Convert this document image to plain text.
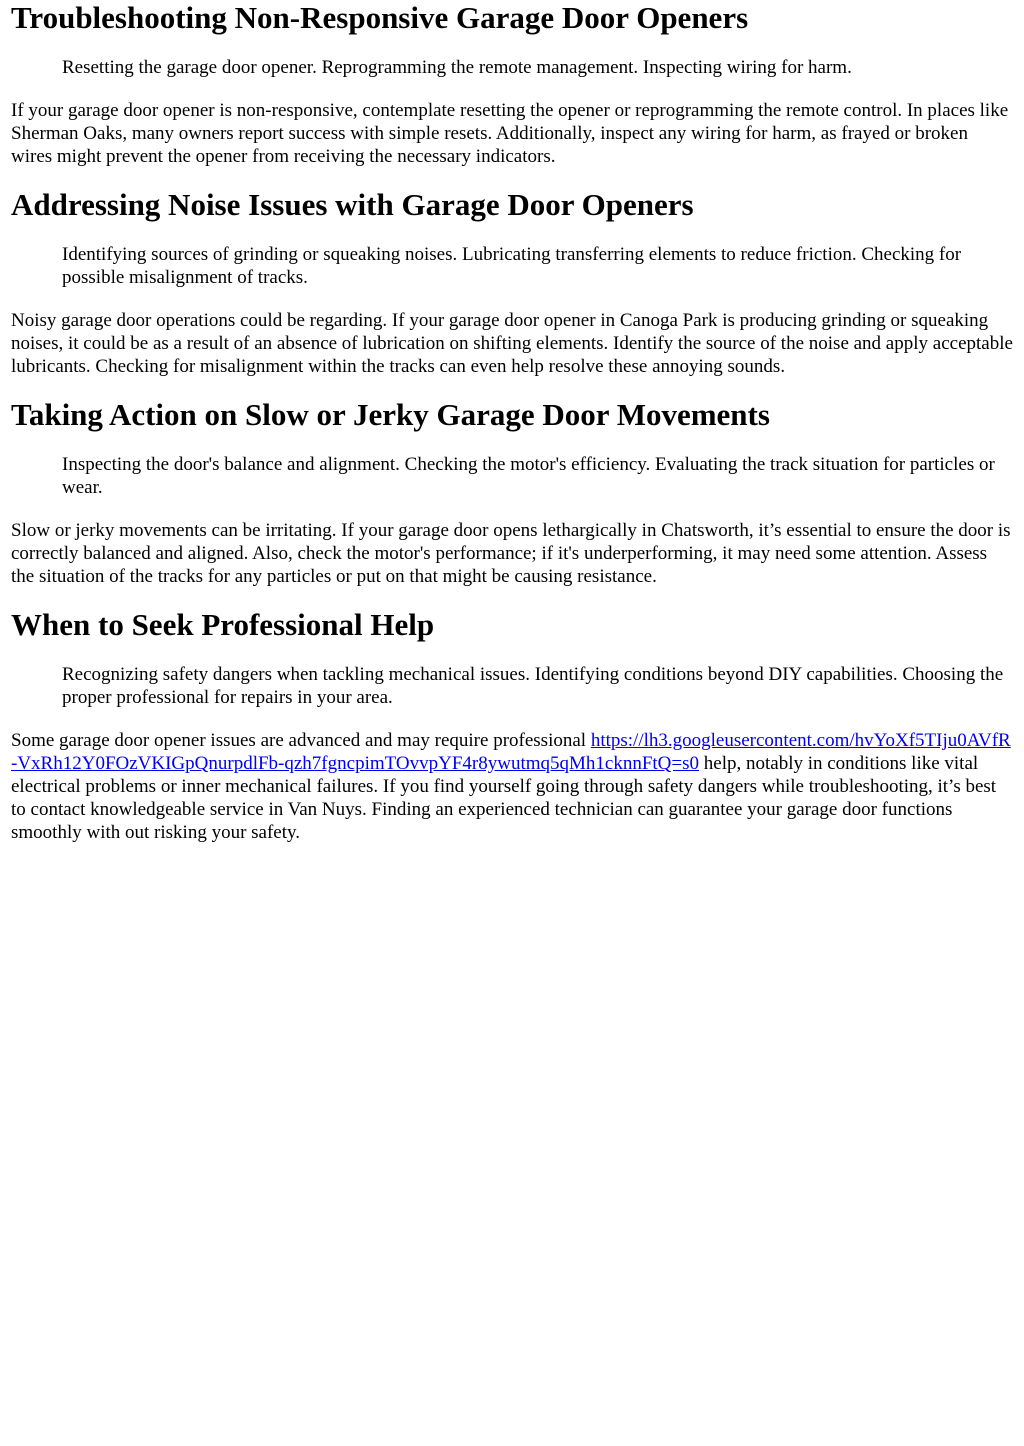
Troubleshooting Non-Responsive Garage Door Openers
Resetting the garage door opener. Reprogramming the remote management. Inspecting wiring for harm.

If your garage door opener is non-responsive, contemplate resetting the opener or reprogramming the remote control. In places like Sherman Oaks, many owners report success with simple resets. Additionally, inspect any wiring for harm, as frayed or broken wires might prevent the opener from receiving the necessary indicators.

Addressing Noise Issues with Garage Door Openers
Identifying sources of grinding or squeaking noises. Lubricating transferring elements to reduce friction. Checking for possible misalignment of tracks.

Noisy garage door operations could be regarding. If your garage door opener in Canoga Park is producing grinding or squeaking noises, it could be as a result of an absence of lubrication on shifting elements. Identify the source of the noise and apply acceptable lubricants. Checking for misalignment within the tracks can even help resolve these annoying sounds.

Taking Action on Slow or Jerky Garage Door Movements
Inspecting the door's balance and alignment. Checking the motor's efficiency. Evaluating the track situation for particles or wear.

Slow or jerky movements can be irritating. If your garage door opens lethargically in Chatsworth, it’s essential to ensure the door is correctly balanced and aligned. Also, check the motor's performance; if it's underperforming, it may need some attention. Assess the situation of the tracks for any particles or put on that might be causing resistance.

When to Seek Professional Help
Recognizing safety dangers when tackling mechanical issues. Identifying conditions beyond DIY capabilities. Choosing the proper professional for repairs in your area.

Some garage door opener issues are advanced and may require professional https://lh3.googleusercontent.com/hvYoXf5TIju0AVfR-VxRh12Y0FOzVKIGpQnurpdlFb-qzh7fgncpimTOvvpYF4r8ywutmq5qMh1cknnFtQ=s0 help, notably in conditions like vital electrical problems or inner mechanical failures. If you find yourself going through safety dangers while troubleshooting, it’s best to contact knowledgeable service in Van Nuys. Finding an experienced technician can guarantee your garage door functions smoothly with out risking your safety.
